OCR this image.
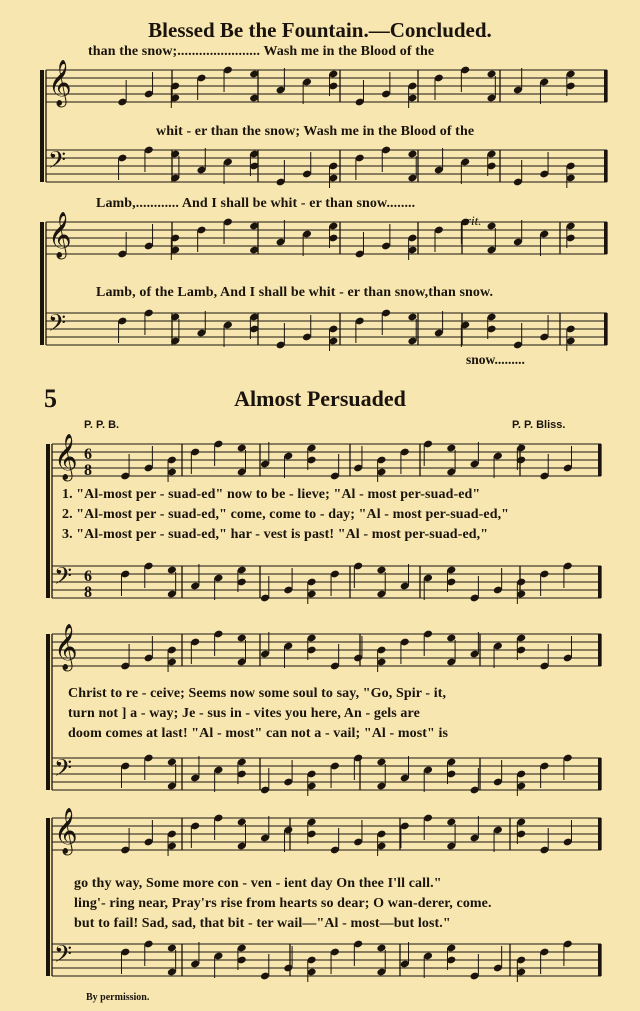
Blessed Be the Fountain.—Concluded.
𝄞
𝄢
𝄞
𝄢
𝄞
𝄢
𝄞
𝄢
𝄞
𝄢
6
8
6
8
than the snow;....................... Wash me in the Blood of the
whit - er than the snow; Wash me in the Blood of the
Lamb,............ And I shall be whit - er than snow........
rit.
Lamb, of the Lamb, And I shall be whit - er than snow,than snow.
snow.........
5	Almost Persuaded
P. P. B.	P. P. Bliss.
1. "Al-most per - suad-ed" now to be - lieve; "Al - most per-suad-ed"
2. "Al-most per - suad-ed," come, come to - day; "Al - most per-suad-ed,"
3. "Al-most per - suad-ed," har - vest is past! "Al - most per-suad-ed,"
Christ to re - ceive; Seems now some soul to say, "Go, Spir - it,
turn not ] a - way; Je - sus in - vites you here, An - gels are
doom comes at last! "Al - most" can not a - vail; "Al - most" is
go thy way, Some more con - ven - ient day On thee I'll call."
ling'- ring near, Pray'rs rise from hearts so dear; O wan-derer, come.
but to fail! Sad, sad, that bit - ter wail—"Al - most—but lost."
By permission.
